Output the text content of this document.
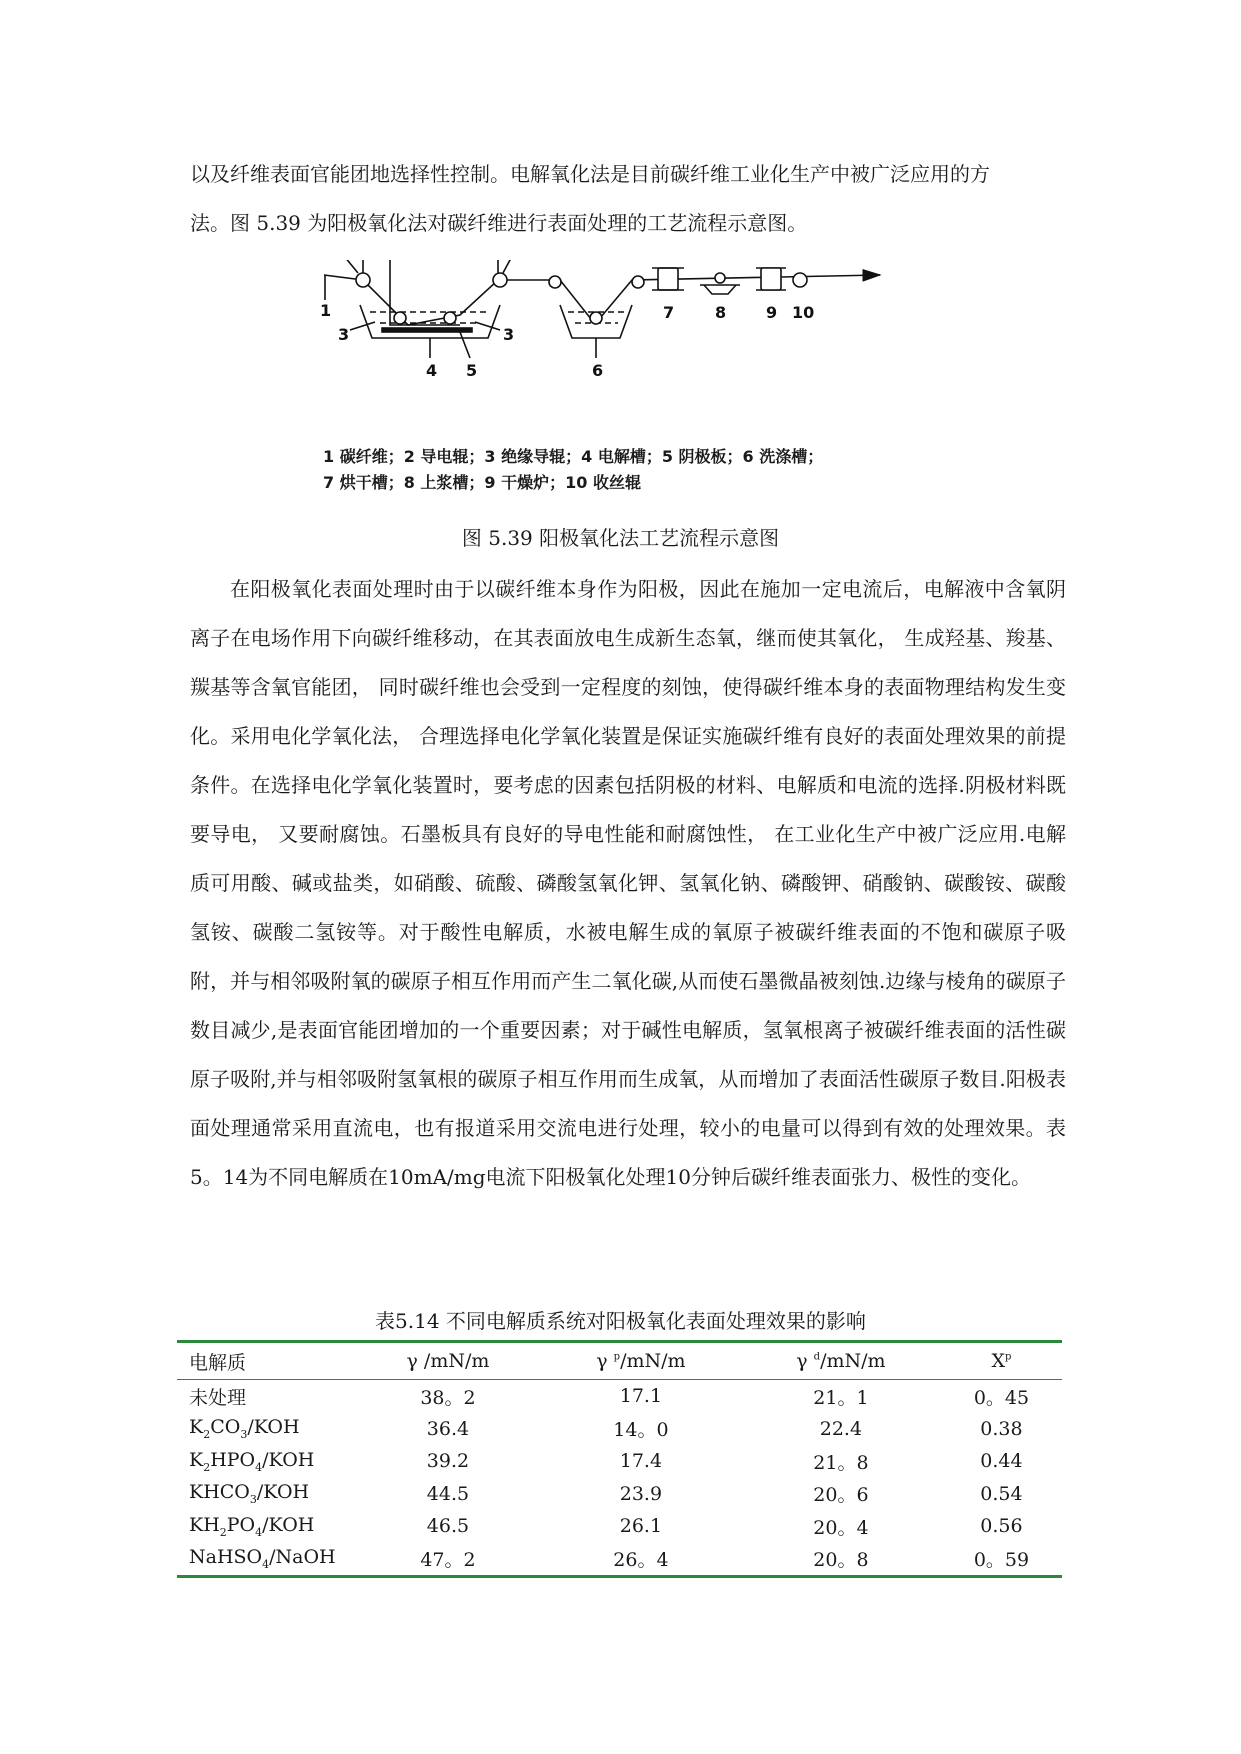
以及纤维表面官能团地选择性控制。电解氧化法是目前碳纤维工业化生产中被广泛应用的方
法。图 5.39 为阳极氧化法对碳纤维进行表面处理的工艺流程示意图。
1
3	3
4 5	6
7	8 9 10
1 碳纤维；2 导电辊；3 绝缘导辊；4 电解槽；5 阴极板；6 洗涤槽；
7 烘干槽；8 上浆槽；9 干燥炉；10 收丝辊
图 5.39 阳极氧化法工艺流程示意图

在阳极氧化表面处理时由于以碳纤维本身作为阳极，因此在施加一定电流后，电解液中含氧阴离子在电场作用下向碳纤维移动，在其表面放电生成新生态氧，继而使其氧化， 生成羟基、羧基、羰基等含氧官能团， 同时碳纤维也会受到一定程度的刻蚀，使得碳纤维本身的表面物理结构发生变化。采用电化学氧化法， 合理选择电化学氧化装置是保证实施碳纤维有良好的表面处理效果的前提条件。在选择电化学氧化装置时，要考虑的因素包括阴极的材料、电解质和电流的选择.阴极材料既要导电， 又要耐腐蚀。石墨板具有良好的导电性能和耐腐蚀性， 在工业化生产中被广泛应用.电解质可用酸、碱或盐类，如硝酸、硫酸、磷酸氢氧化钾、氢氧化钠、磷酸钾、硝酸钠、碳酸铵、碳酸氢铵、碳酸二氢铵等。对于酸性电解质，水被电解生成的氧原子被碳纤维表面的不饱和碳原子吸附，并与相邻吸附氧的碳原子相互作用而产生二氧化碳,从而使石墨微晶被刻蚀.边缘与棱角的碳原子数目减少,是表面官能团增加的一个重要因素；对于碱性电解质，氢氧根离子被碳纤维表面的活性碳原子吸附,并与相邻吸附氢氧根的碳原子相互作用而生成氧，从而增加了表面活性碳原子数目.阳极表面处理通常采用直流电，也有报道采用交流电进行处理，较小的电量可以得到有效的处理效果。表5。14为不同电解质在10mA/mg电流下阳极氧化处理10分钟后碳纤维表面张力、极性的变化。

表5.14 不同电解质系统对阳极氧化表面处理效果的影响
电解质	γ /mN/m	γ $^p$/mN/m	γ $^d$/mN/m	$X^p$
未处理	38。2	17.1	21。1	0。45
$K_2CO_3$/KOH	36.4	14。0	22.4	0.38
$K_2HPO_4$/KOH	39.2	17.4	21。8	0.44
$KHCO_3$/KOH	44.5	23.9	20。6	0.54
$KH_2PO_4$/KOH	46.5	26.1	20。4	0.56
NaHSO$_4$/NaOH	47。2	26。4	20。8	0。59
